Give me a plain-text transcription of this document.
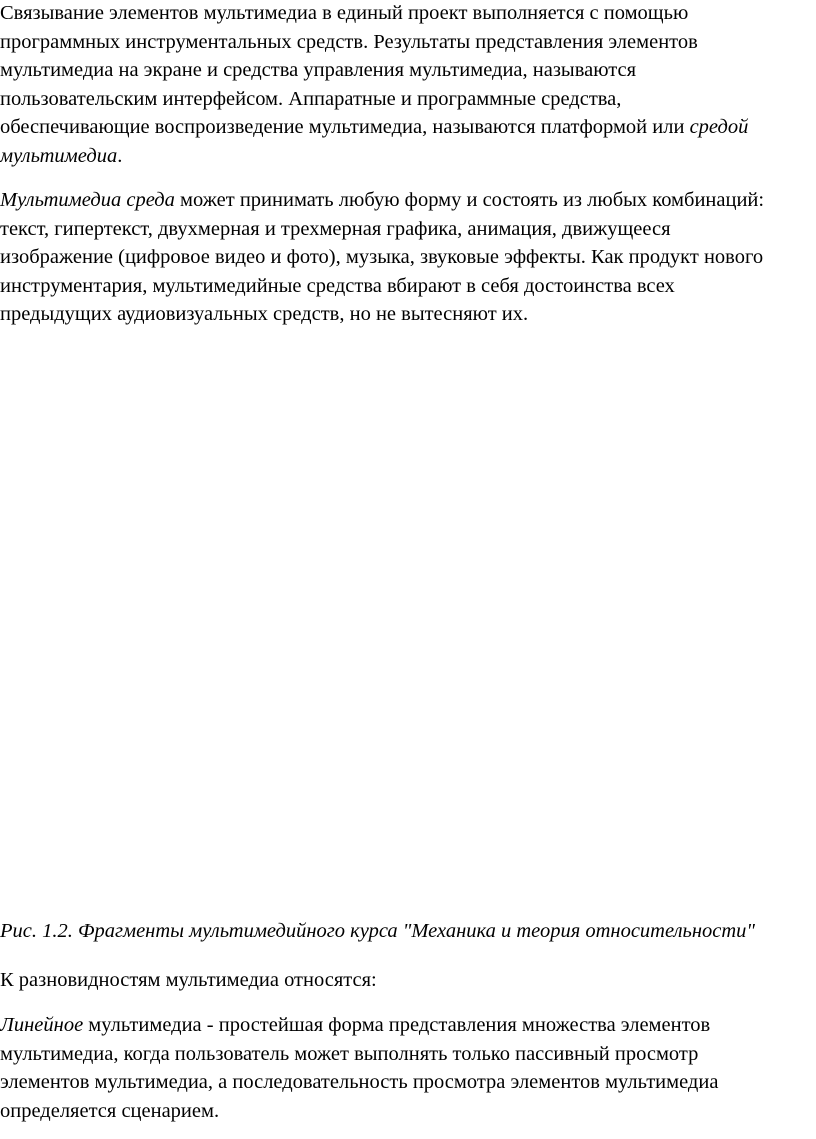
Связывание элементов мультимедиа в единый проект выполняется с помощью
программных инструментальных средств. Результаты представления элементов
мультимедиа на экране и средства управления мультимедиа, называются
пользовательским интерфейсом. Аппаратные и программные средства,
обеспечивающие воспроизведение мультимедиа, называются платформой или средой
мультимедиа.

Мультимедиа среда может принимать любую форму и состоять из любых комбинаций:
текст, гипертекст, двухмерная и трехмерная графика, анимация, движущееся
изображение (цифровое видео и фото), музыка, звуковые эффекты. Как продукт нового
инструментария, мультимедийные средства вбирают в себя достоинства всех
предыдущих аудиовизуальных средств, но не вытесняют их.

Рис. 1.2. Фрагменты мультимедийного курса "Механика и теория относительности"

К разновидностям мультимедиа относятся:

Линейное мультимедиа - простейшая форма представления множества элементов
мультимедиа, когда пользователь может выполнять только пассивный просмотр
элементов мультимедиа, а последовательность просмотра элементов мультимедиа
определяется сценарием.
